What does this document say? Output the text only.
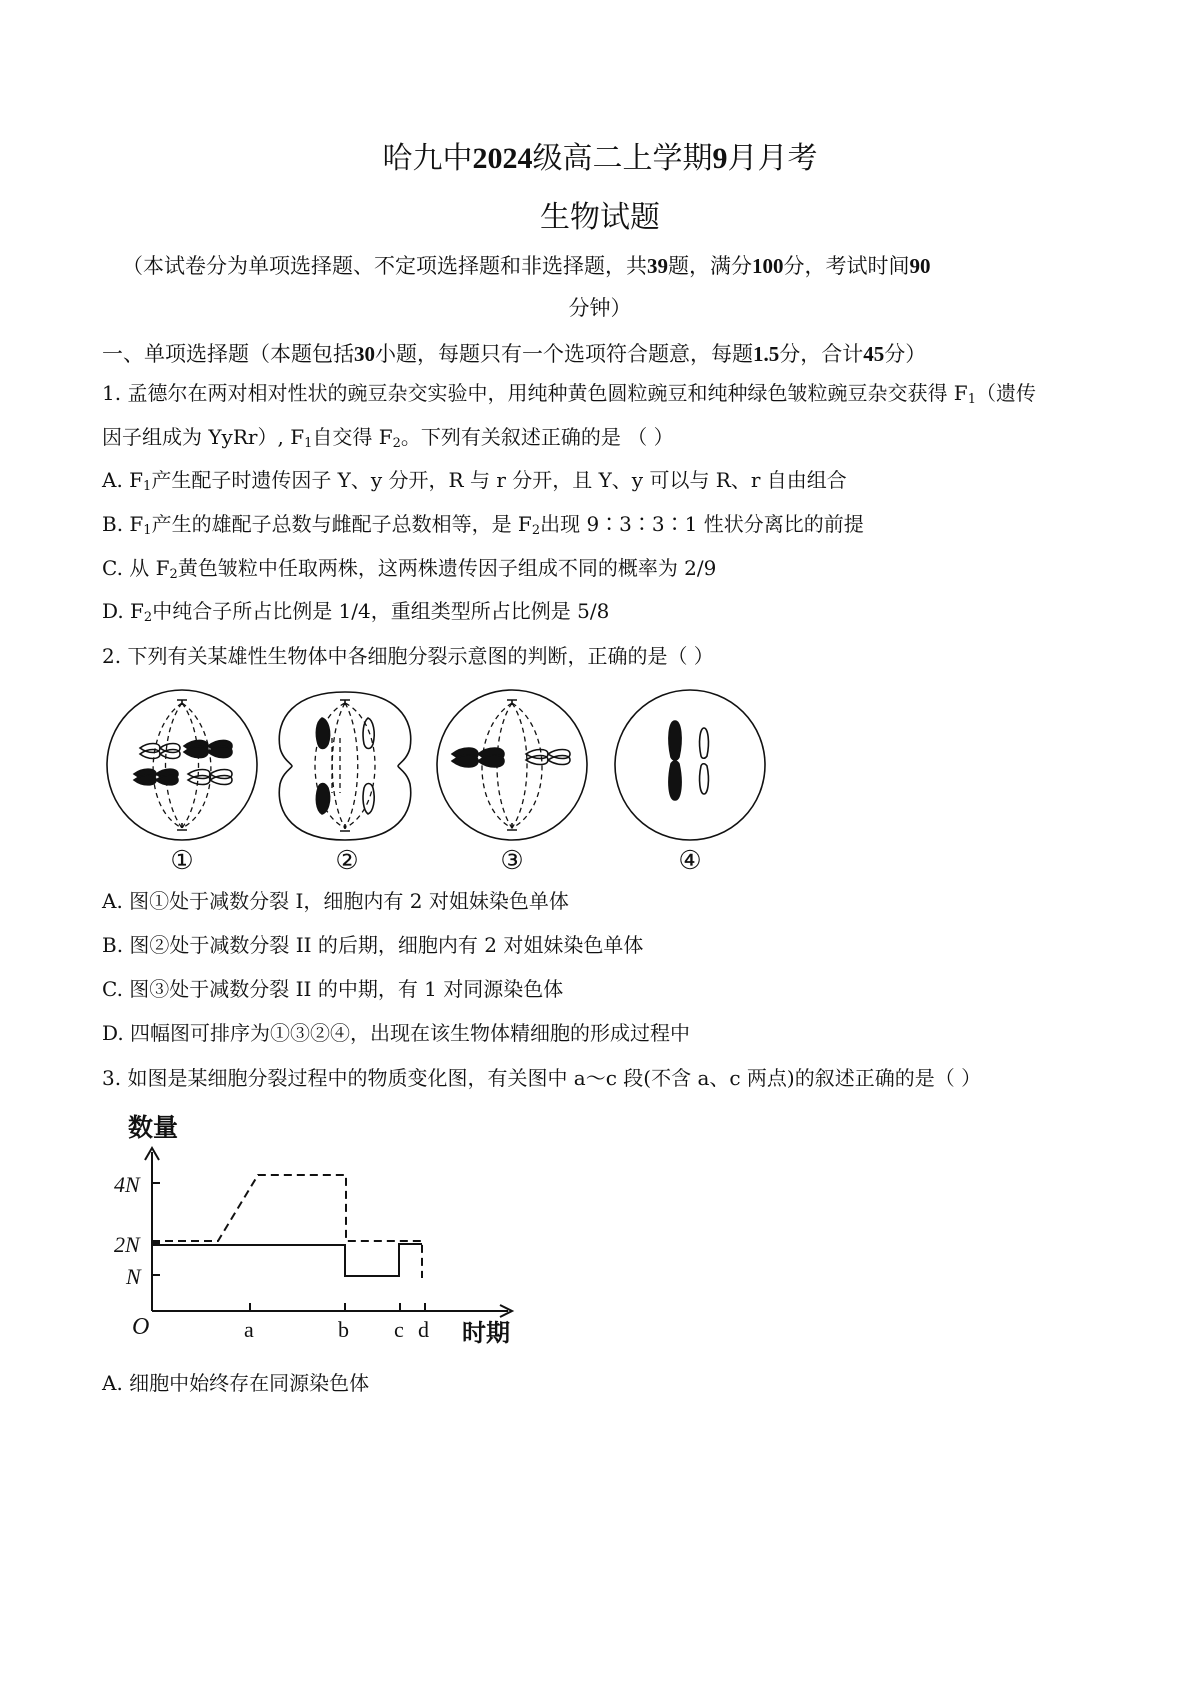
哈九中2024级高二上学期9月月考
生物试题
（本试卷分为单项选择题、不定项选择题和非选择题，共39题，满分100分，考试时间90
分钟）
一、单项选择题（本题包括30小题，每题只有一个选项符合题意，每题1.5分，合计45分）
1. 孟德尔在两对相对性状的豌豆杂交实验中，用纯种黄色圆粒豌豆和纯种绿色皱粒豌豆杂交获得 $F_1$（遗传
因子组成为 YyRr）, $F_1$自交得 $F_2$。下列有关叙述正确的是 （ ）
A. $F_1$产生配子时遗传因子 Y、y 分开，R 与 r 分开，且 Y、y 可以与 R、r 自由组合
B. $F_1$产生的雄配子总数与雌配子总数相等，是 $F_2$出现 9∶3∶3∶1 性状分离比的前提
C. 从 $F_2$黄色皱粒中任取两株，这两株遗传因子组成不同的概率为 2/9
D. $F_2$中纯合子所占比例是 1/4，重组类型所占比例是 5/8
2. 下列有关某雄性生物体中各细胞分裂示意图的判断，正确的是（ ）
①	②	③	④
A. 图①处于减数分裂 I，细胞内有 2 对姐妹染色单体
B. 图②处于减数分裂 II 的后期，细胞内有 2 对姐妹染色单体
C. 图③处于减数分裂 II 的中期，有 1 对同源染色体
D. 四幅图可排序为①③②④，出现在该生物体精细胞的形成过程中
3. 如图是某细胞分裂过程中的物质变化图，有关图中 a～c 段(不含 a、c 两点)的叙述正确的是（ ）
数量
4N
2N
N
O	a	b c d 时期
A. 细胞中始终存在同源染色体
